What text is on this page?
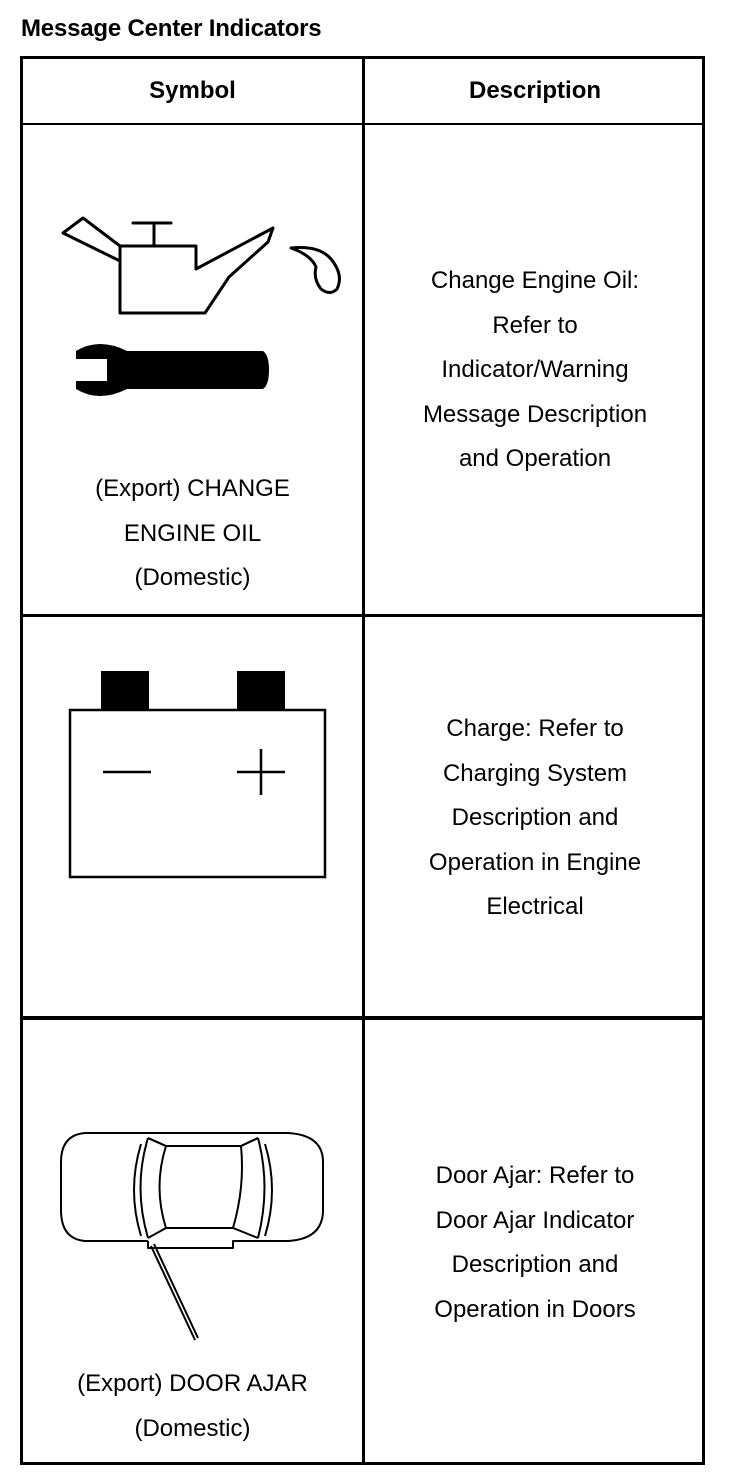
Message Center Indicators
Symbol	Description
(Export) CHANGE
ENGINE OIL
(Domestic)
Change Engine Oil:
Refer to
Indicator/Warning
Message Description
and Operation
Charge: Refer to
Charging System
Description and
Operation in Engine
Electrical
(Export) DOOR AJAR
(Domestic)
Door Ajar: Refer to
Door Ajar Indicator
Description and
Operation in Doors
